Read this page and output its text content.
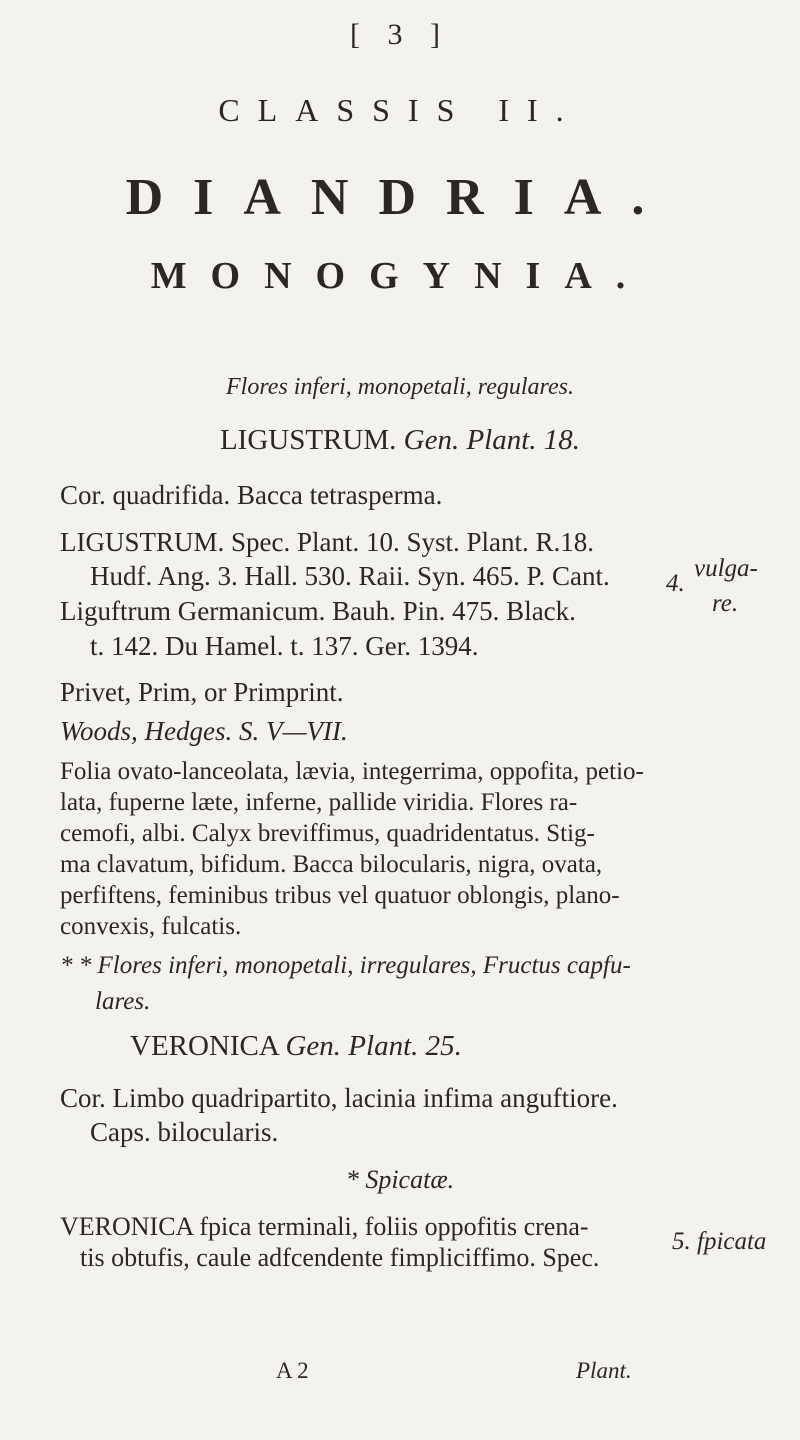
[ 3 ]
CLASSIS II.
DIANDRIA.
MONOGYNIA.
Flores inferi, monopetali, regulares.
LIGUSTRUM. Gen. Plant. 18.
Cor. quadrifida. Bacca tetrasperma.
LIGUSTRUM. Spec. Plant. 10. Syst. Plant. R.18.
Hudf. Ang. 3. Hall. 530. Raii. Syn. 465. P. Cant.
Liguftrum Germanicum. Bauh. Pin. 475. Black.
t. 142. Du Hamel. t. 137. Ger. 1394.
4.
vulga-
re.
Privet, Prim, or Primprint.
Woods, Hedges. S. V—VII.

Folia ovato-lanceolata, lævia, integerrima, oppofita, petio-

lata, fuperne læte, inferne, pallide viridia. Flores ra-

cemofi, albi. Calyx breviffimus, quadridentatus. Stig-

ma clavatum, bifidum. Bacca bilocularis, nigra, ovata,

perfiftens, feminibus tribus vel quatuor oblongis, plano-

convexis, fulcatis.

* * Flores inferi, monopetali, irregulares, Fructus capfu-
lares.
VERONICA Gen. Plant. 25.
Cor. Limbo quadripartito, lacinia infima anguftiore.
Caps. bilocularis.
* Spicatæ.
VERONICA fpica terminali, foliis oppofitis crena-
tis obtufis, caule adfcendente fimpliciffimo. Spec.
5. fpicata
A 2	Plant.
